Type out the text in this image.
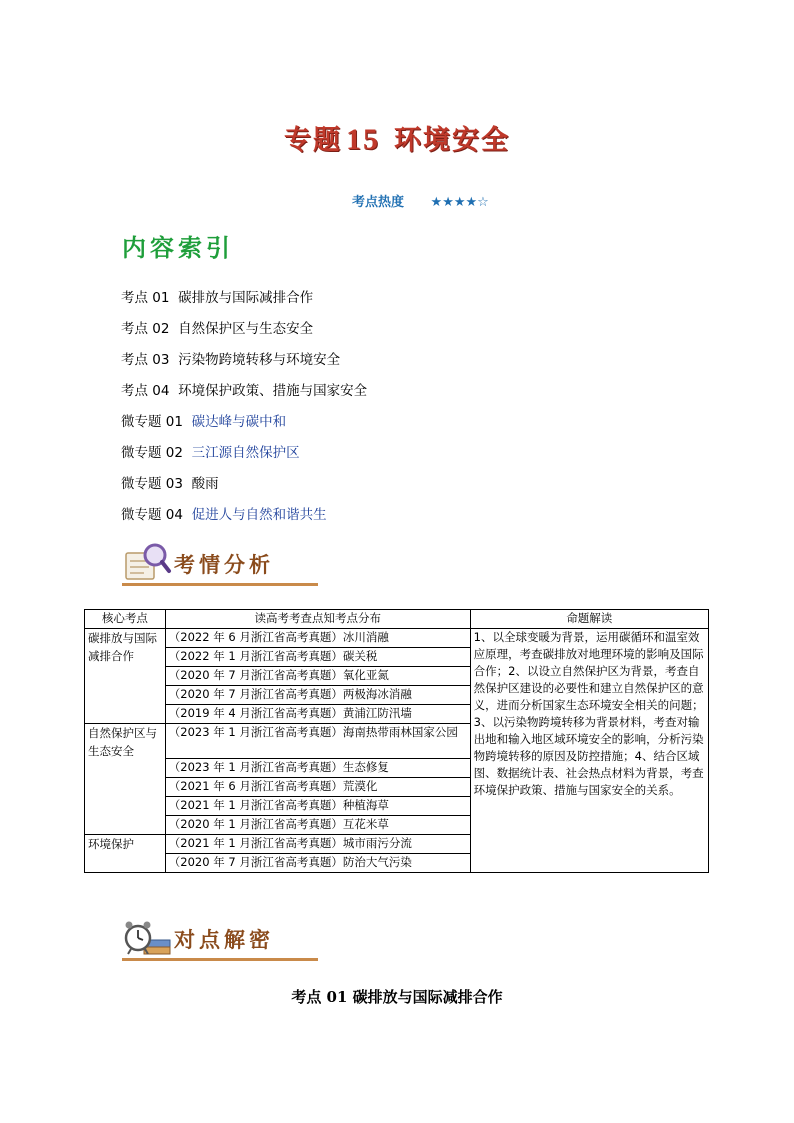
专题 15 环境安全
考点热度 ★★★★☆
内容索引
考点 01 碳排放与国际减排合作
考点 02 自然保护区与生态安全
考点 03 污染物跨境转移与环境安全
考点 04 环境保护政策、措施与国家安全
微专题 01 碳达峰与碳中和
微专题 02 三江源自然保护区
微专题 03 酸雨
微专题 04 促进人与自然和谐共生
考情分析
核心考点	读高考考查点知考点分布	命题解读
碳排放与国际减排合作	（2022 年 6 月浙江省高考真题）冰川消融	1、以全球变暖为背景，运用碳循环和温室效应原理，考查碳排放对地理环境的影响及国际合作；2、以设立自然保护区为背景，考查自然保护区建设的必要性和建立自然保护区的意义，进而分析国家生态环境安全相关的问题；3、以污染物跨境转移为背景材料，考查对输出地和输入地区域环境安全的影响，分析污染物跨境转移的原因及防控措施；4、结合区域图、数据统计表、社会热点材料为背景，考查环境保护政策、措施与国家安全的关系。
	（2022 年 1 月浙江省高考真题）碳关税	
	（2020 年 7 月浙江省高考真题）氧化亚氮	
	（2020 年 7 月浙江省高考真题）两极海冰消融	
	（2019 年 4 月浙江省高考真题）黄浦江防汛墙	
自然保护区与生态安全	（2023 年 1 月浙江省高考真题）海南热带雨林国家公园	
	（2023 年 1 月浙江省高考真题）生态修复	
	（2021 年 6 月浙江省高考真题）荒漠化	
	（2021 年 1 月浙江省高考真题）种植海草	
	（2020 年 1 月浙江省高考真题）互花米草	
环境保护	（2021 年 1 月浙江省高考真题）城市雨污分流	
	（2020 年 7 月浙江省高考真题）防治大气污染	
对点解密
考点 01 碳排放与国际减排合作
